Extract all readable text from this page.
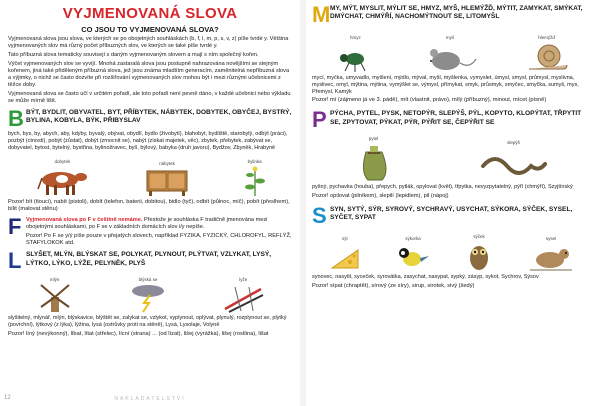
VYJMENOVANÁ SLOVA
CO JSOU TO VYJMENOVANÁ SLOVA?
Vyjmenovaná slova jsou slova, ve kterých se po obojetných souhláskách (b, f, l, m, p, s, v, z) píše tvrdé y. Většina vyjmenovaných slov má různý počet příbuzných slov, ve kterých se také píše tvrdé y.
Tato příbuzná slova tematicky souvisejí s daným vyjmenovaným slovem a mají s ním společný kořen.
Výčet vyjmenovaných slov se vyvíjí. Mnohá zastaralá slova jsou postupně nahrazována novějšími se stejným kořenem, jiná také přiděleným příbuzná slova, jež jsou známa mladším generacím, zaměnitelná nepříbuzná slova a výjimky, o nichž se často dozvíte při rozšiřování vyjmenovaných slov mohou být i mezi různými učebnicemi z těžce doby.
Vyjmenovaná slova se často učí v určitém pořadí, ale toto pořadí není pevně dáno, v každé učebnici nebo výkladu se může mírně lišit.
B BÝT, BYDLIT, OBYVATEL, BYT, PŘÍBYTEK, NÁBYTEK, DOBYTEK, OBYČEJ, BYSTRÝ, BYLINA, KOBYLA, BÝK, PŘIBYSLAV
bych, bys, by, abych, aby, kdyby, byvalý, obývat, obydlí, bydlo (živobytí), blahobyt, bydliště, starobylý, odbýt (práci), pozbýt (ctnosti), pobýt (zůstat), dobýt (zmocnit se), nabýt (získat majetek, věc), zbytek, přebytek, zabývat se, dobyvatel, bytost, bytelný, bystřina, bylinožravec, bylí, býlový, babyka (druh javoru), Bydžov, Zbyněk, Hrabyně
dobytek	nábytek	bylinka
Pozor! bít (tlouci), nabít (pistoli), dobít (telefon, baterii, dobitou), bidlo (tyč), odbít (půlnoc, míč), pobít (přeslhem), bílit (malovat stěnu)
F Vyjmenovaná slova po F v češtině nemáme. Přestože je souhláska F tradičně jmenována mezi obojetnými souhláskami, po F se v základních domácích slov i/y nepíše.
Pozor! Po F se y/ý píše pouze v přejatých slovech, například FYZIKA, FYZICKÝ, CHLOROFYL, REFLÝŽ, STAFYLOKOK atd.
L SLYŠET, MLÝN, BLÝSKAT SE, POLYKAT, PLYNOUT, PLÝTVAT, VZLYKAT, LYSÝ, LÝTKO, LÝKO, LÝŽE, PELYNĚK, PLYŠ
mlýn	blýská se	lyže
slyšitelný, mlynář, mlýn, blýskavice, blýštět se, zalykat se, vzlykot, vyplynout, oplývat, plynulý, rozplynout se, plytký (povrchní), lýtkový (z lýka), lýžina, lysá (ostrůvky proti na stěně), Lysá, Lysolaje, Volyně
Pozor! líný (nevýkonný), líbat, lítat (střelec), lícní (strana) ... (od lízat), lišej (vyrážka), lišej (rostlina), lišat
NAKLADATELSTVÍ
12
M MY, MÝT, MYSLIT, MÝLIT SE, HMYZ, MYŠ, HLEMÝŽĎ, MÝTIT, ZAMYKAT, SMÝKAT, DMÝCHAT, CHMÝŘÍ, NACHOMÝTNOUT SE, LITOMYŠL
hmyz	myš	hlemýžď
mycí, myčka, umyvadlo, myšlení, mýdlo, mýval, myšl, myšlenka, vymyslet, úmysl, smysl, průmysl, myslivna, myslivec, omyl, mýtina, mýtina, vymýšlet se, výmysl, přímykat, smyk, průsmyk, smyčec, smyčka, sumyš, mys, Přemysl, Kamýk
Pozor! mí (zájmeno já ve 3. pádě), mít (vlastnit, právo), mílý (příbuzný), minout, mícet (písně)
P PÝCHA, PYTEL, PYSK, NETOPÝR, SLEPÝŠ, PÝL, KOPYTO, KLOPÝTAT, TŘPYTIT SE, ZPYTOVAT, PÝKAT, PÝR, PÝŘIT SE, ČEPÝŘIT SE
pytel
slepýš
pyšný, pychavka (houba), přepych, pytlák, opylovat (květ), třpytka, nevyzpytatelný, pýří (chmýří), Szyjtínský
Pozor! opilovat (pilníkem), slepilí (lepidlem), pil (nápoj)
S SYN, SYTÝ, SÝR, SYROVÝ, SYCHRAVÝ, USYCHAT, SÝKORA, SÝČEK, SYSEL, SYČET, SYPAT
sýr	sýkorka	sýček	sysel
synovec, nasytit, syceček, syrovátka, zasychat, nasypat, sypký, zásyp, sykot, Sychrov, Sýsov
Pozor! sípat (chraptět), sírový (ze síry), sirup, sirotek, sivý (šedý)
